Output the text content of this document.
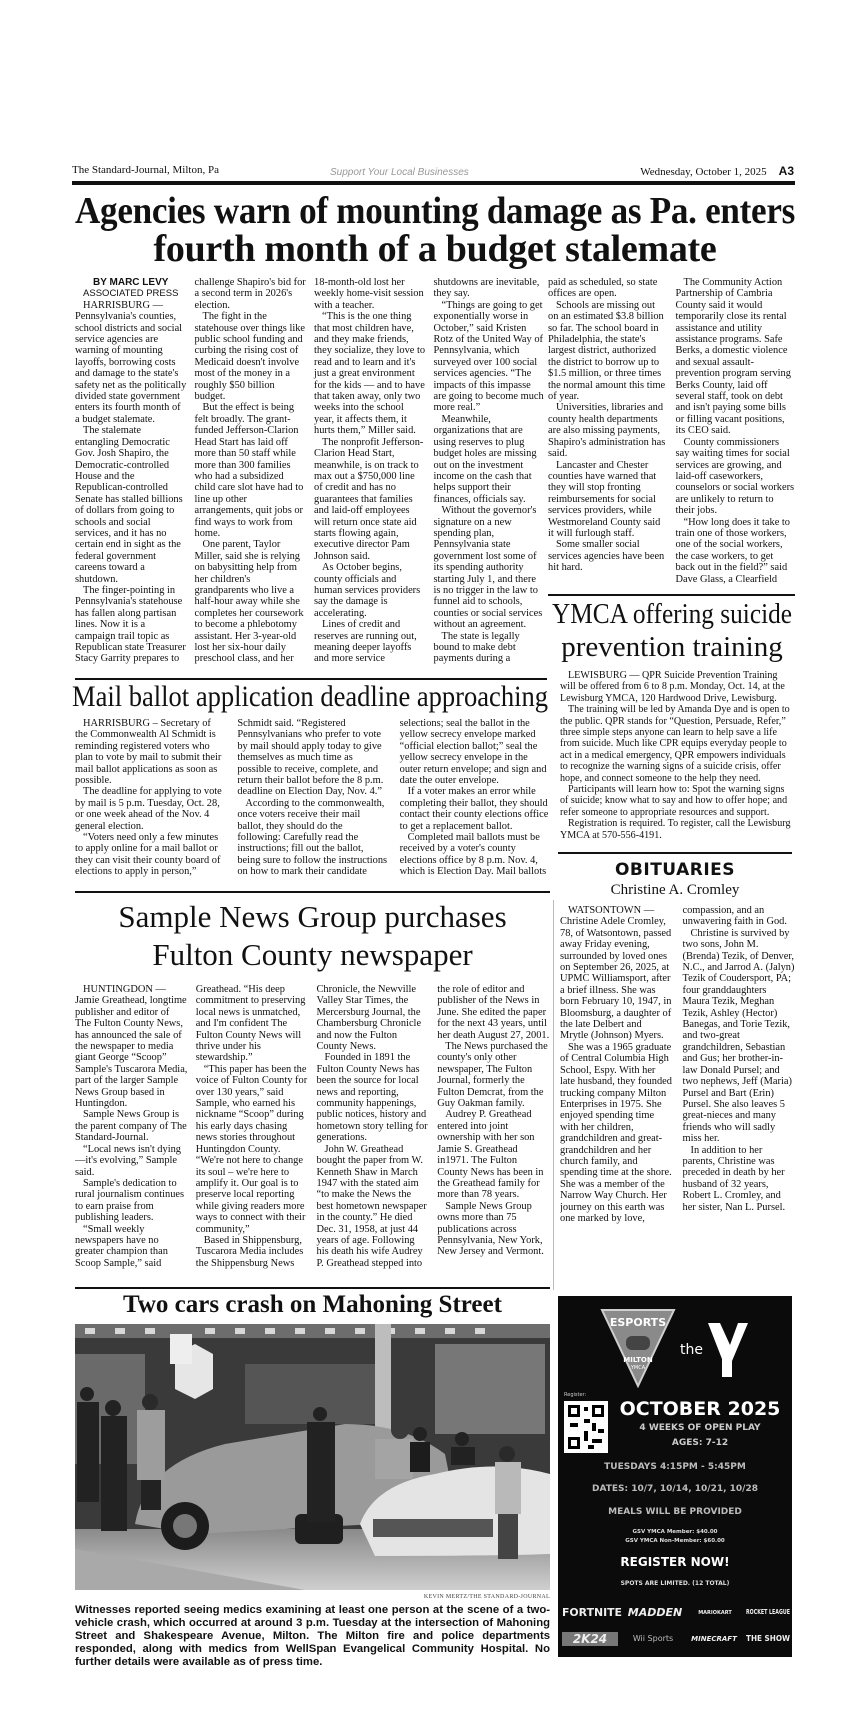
The Standard-Journal, Milton, Pa	Support Your Local Businesses	Wednesday, October 1, 2025 A3
Agencies warn of mounting damage as Pa. enters
fourth month of a budget stalemate
BY MARC LEVY
ASSOCIATED PRESS

HARRISBURG — Pennsylvania's counties, school districts and social service agencies are warning of mounting layoffs, borrowing costs and damage to the state's safety net as the politically divided state government enters its fourth month of a budget stalemate.

The stalemate entangling Democratic Gov. Josh Shapiro, the Democratic-controlled House and the Republican-controlled Senate has stalled billions of dollars from going to schools and social services, and it has no certain end in sight as the federal government careens toward a shutdown.

The finger-pointing in Pennsylvania's statehouse has fallen along partisan lines. Now it is a campaign trail topic as Republican state Treasurer Stacy Garrity prepares to challenge Shapiro's bid for a second term in 2026's election.

The fight in the statehouse over things like public school funding and curbing the rising cost of Medicaid doesn't involve most of the money in a roughly $50 billion budget.

But the effect is being felt broadly. The grant-funded Jefferson-Clarion Head Start has laid off more than 50 staff while more than 300 families who had a subsidized child care slot have had to line up other arrangements, quit jobs or find ways to work from home.

One parent, Taylor Miller, said she is relying on babysitting help from her children's grandparents who live a half-hour away while she completes her coursework to become a phlebotomy assistant. Her 3-year-old lost her six-hour daily preschool class, and her 18-month-old lost her weekly home-visit session with a teacher.

“This is the one thing that most children have, and they make friends, they socialize, they love to read and to learn and it's just a great environment for the kids — and to have that taken away, only two weeks into the school year, it affects them, it hurts them,” Miller said.

The nonprofit Jefferson-Clarion Head Start, meanwhile, is on track to max out a $750,000 line of credit and has no guarantees that families and laid-off employees will return once state aid starts flowing again, executive director Pam Johnson said.

As October begins, county officials and human services providers say the damage is accelerating.

Lines of credit and reserves are running out, meaning deeper layoffs and more service shutdowns are inevitable, they say.

“Things are going to get exponentially worse in October,” said Kristen Rotz of the United Way of Pennsylvania, which surveyed over 100 social services agencies. “The impacts of this impasse are going to become much more real.”

Meanwhile, organizations that are using reserves to plug budget holes are missing out on the investment income on the cash that helps support their finances, officials say.

Without the governor's signature on a new spending plan, Pennsylvania state government lost some of its spending authority starting July 1, and there is no trigger in the law to funnel aid to schools, counties or social services without an agreement.

The state is legally bound to make debt payments during a

paid as scheduled, so state offices are open.

Schools are missing out on an estimated $3.8 billion so far. The school board in Philadelphia, the state's largest district, authorized the district to borrow up to $1.5 million, or three times the normal amount this time of year.

Universities, libraries and county health departments are also missing payments, Shapiro's administration has said.

Lancaster and Chester counties have warned that they will stop fronting reimbursements for social services providers, while Westmoreland County said it will furlough staff.

Some smaller social services agencies have been hit hard.

The Community Action Partnership of Cambria County said it would temporarily close its rental assistance and utility assistance programs. Safe Berks, a domestic violence and sexual assault-prevention program serving Berks County, laid off several staff, took on debt and isn't paying some bills or filling vacant positions, its CEO said.

County commissioners say waiting times for social services are growing, and laid-off caseworkers, counselors or social workers are unlikely to return to their jobs.

“How long does it take to train one of those workers, one of the social workers, the case workers, to get back out in the field?” said Dave Glass, a Clearfield

YMCA offering suicide
prevention training

LEWISBURG — QPR Suicide Prevention Training will be offered from 6 to 8 p.m. Monday, Oct. 14, at the Lewisburg YMCA, 120 Hardwood Drive, Lewisburg.

The training will be led by Amanda Dye and is open to the public. QPR stands for “Question, Persuade, Refer,” three simple steps anyone can learn to help save a life from suicide. Much like CPR equips everyday people to act in a medical emergency, QPR empowers individuals to recognize the warning signs of a suicide crisis, offer hope, and connect someone to the help they need.

Participants will learn how to: Spot the warning signs of suicide; know what to say and how to offer hope; and refer someone to appropriate resources and support.

Registration is required. To register, call the Lewisburg YMCA at 570-556-4191.

OBITUARIES
Christine A. Cromley

WATSONTOWN — Christine Adele Cromley, 78, of Watsontown, passed away Friday evening, surrounded by loved ones on September 26, 2025, at UPMC Williamsport, after a brief illness. She was born February 10, 1947, in Bloomsburg, a daughter of the late Delbert and Mrytle (Johnson) Myers.

She was a 1965 graduate of Central Columbia High School, Espy. With her late husband, they founded trucking company Milton Enterprises in 1975. She enjoyed spending time with her children, grandchildren and great-grandchildren and her church family, and spending time at the shore. She was a member of the Narrow Way Church. Her journey on this earth was one marked by love, compassion, and an unwavering faith in God.

Christine is survived by two sons, John M. (Brenda) Tezik, of Denver, N.C., and Jarrod A. (Jalyn) Tezik of Coudersport, PA; four granddaughters Maura Tezik, Meghan Tezik, Ashley (Hector) Banegas, and Torie Tezik, and two-great grandchildren, Sebastian and Gus; her brother-in-law Donald Pursel; and two nephews, Jeff (Maria) Pursel and Bart (Erin) Pursel. She also leaves 5 great-nieces and many friends who will sadly miss her.

In addition to her parents, Christine was preceded in death by her husband of 32 years, Robert L. Cromley, and her sister, Nan L. Pursel.

Mail ballot application deadline approaching

HARRISBURG – Secretary of the Commonwealth Al Schmidt is reminding registered voters who plan to vote by mail to submit their mail ballot applications as soon as possible.

The deadline for applying to vote by mail is 5 p.m. Tuesday, Oct. 28, or one week ahead of the Nov. 4 general election.

“Voters need only a few minutes to apply online for a mail ballot or they can visit their county board of elections to apply in person,” Schmidt said. “Registered Pennsylvanians who prefer to vote by mail should apply today to give themselves as much time as possible to receive, complete, and return their ballot before the 8 p.m. deadline on Election Day, Nov. 4.”

According to the commonwealth, once voters receive their mail ballot, they should do the following: Carefully read the instructions; fill out the ballot, being sure to follow the instructions on how to mark their candidate selections; seal the ballot in the yellow secrecy envelope marked “official election ballot;” seal the yellow secrecy envelope in the outer return envelope; and sign and date the outer envelope.

If a voter makes an error while completing their ballot, they should contact their county elections office to get a replacement ballot.

Completed mail ballots must be received by a voter's county elections office by 8 p.m. Nov. 4, which is Election Day. Mail ballots

Sample News Group purchases
Fulton County newspaper

HUNTINGDON — Jamie Greathead, longtime publisher and editor of The Fulton County News, has announced the sale of the newspaper to media giant George “Scoop” Sample's Tuscarora Media, part of the larger Sample News Group based in Huntingdon.

Sample News Group is the parent company of The Standard-Journal.

“Local news isn't dying—it's evolving,” Sample said.

Sample's dedication to rural journalism continues to earn praise from publishing leaders.

“Small weekly newspapers have no greater champion than Scoop Sample,” said Greathead. “His deep commitment to preserving local news is unmatched, and I'm confident The Fulton County News will thrive under his stewardship.”

“This paper has been the voice of Fulton County for over 130 years,” said Sample, who earned his nickname “Scoop” during his early days chasing news stories throughout Huntingdon County. “We're not here to change its soul – we're here to amplify it. Our goal is to preserve local reporting while giving readers more ways to connect with their community,”

Based in Shippensburg, Tuscarora Media includes the Shippensburg News Chronicle, the Newville Valley Star Times, the Mercersburg Journal, the Chambersburg Chronicle and now the Fulton County News.

Founded in 1891 the Fulton County News has been the source for local news and reporting, community happenings, public notices, history and hometown story telling for generations.

John W. Greathead bought the paper from W. Kenneth Shaw in March 1947 with the stated aim “to make the News the best hometown newspaper in the county.” He died Dec. 31, 1958, at just 44 years of age. Following his death his wife Audrey P. Greathead stepped into the role of editor and publisher of the News in June. She edited the paper for the next 43 years, until her death August 27, 2001.

The News purchased the county's only other newspaper, The Fulton Journal, formerly the Fulton Demcrat, from the Guy Oakman family.

Audrey P. Greathead entered into joint ownership with her son Jamie S. Greathead in1971. The Fulton County News has been in the Greathead family for more than 78 years.

Sample News Group owns more than 75 publications across Pennsylvania, New York, New Jersey and Vermont.

Two cars crash on Mahoning Street
KEVIN MERTZ/THE STANDARD-JOURNAL
Witnesses reported seeing medics examining at least one person at the scene of a two-vehicle crash, which occurred at around 3 p.m. Tuesday at the intersection of Mahoning Street and Shakespeare Avenue, Milton. The Milton fire and police departments responded, along with medics from WellSpan Evangelical Community Hospital. No further details were available as of press time.
ESPORTS
MILTON
YMCA
the
Register:
OCTOBER 2025
4 WEEKS OF OPEN PLAY
AGES: 7-12
TUESDAYS 4:15PM - 5:45PM
DATES: 10/7, 10/14, 10/21, 10/28
MEALS WILL BE PROVIDED
GSV YMCA Member: $40.00
GSV YMCA Non-Member: $60.00
REGISTER NOW!
SPOTS ARE LIMITED. (12 TOTAL)
FORTNITE MADDEN	MARIOKART	ROCKET LEAGUE
2K24	Wii Sports	MINECRAFT	THE SHOW
